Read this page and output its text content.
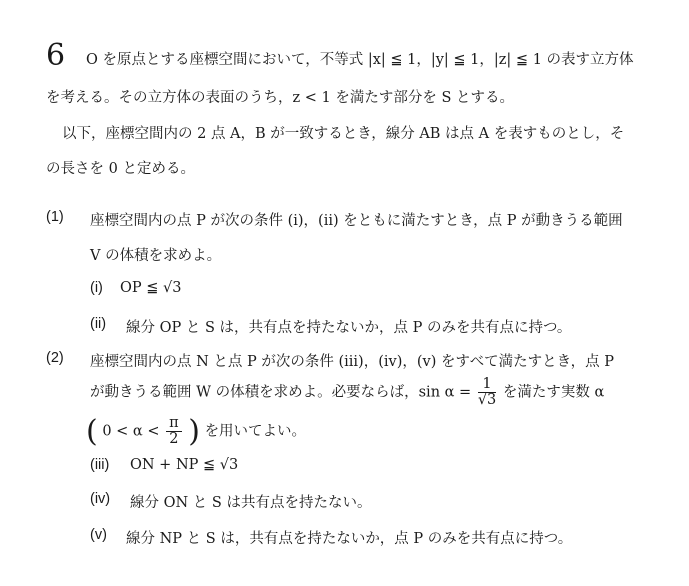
6 O を原点とする座標空間において，不等式 |x| ≦ 1，|y| ≦ 1，|z| ≦ 1 の表す立方体
を考える。その立方体の表面のうち，z < 1 を満たす部分を S とする。
以下，座標空間内の 2 点 A，B が一致するとき，線分 AB は点 A を表すものとし，そ
の長さを 0 と定める。
(1) 座標空間内の点 P が次の条件 (i)，(ii) をともに満たすとき，点 P が動きうる範囲
V の体積を求めよ。
(i) OP ≦ √3
(ii) 線分 OP と S は，共有点を持たないか，点 P のみを共有点に持つ。
(2) 座標空間内の点 N と点 P が次の条件 (iii)，(iv)，(v) をすべて満たすとき，点 P
が動きうる範囲 W の体積を求めよ。必要ならば，$\sin \alpha = \frac{1}{√3}$ を満たす実数 α
( $0 < \alpha < \frac{\pi}{2}$ ) を用いてよい。
(iii) ON + NP ≦ √3
(iv) 線分 ON と S は共有点を持たない。
(v) 線分 NP と S は，共有点を持たないか，点 P のみを共有点に持つ。
